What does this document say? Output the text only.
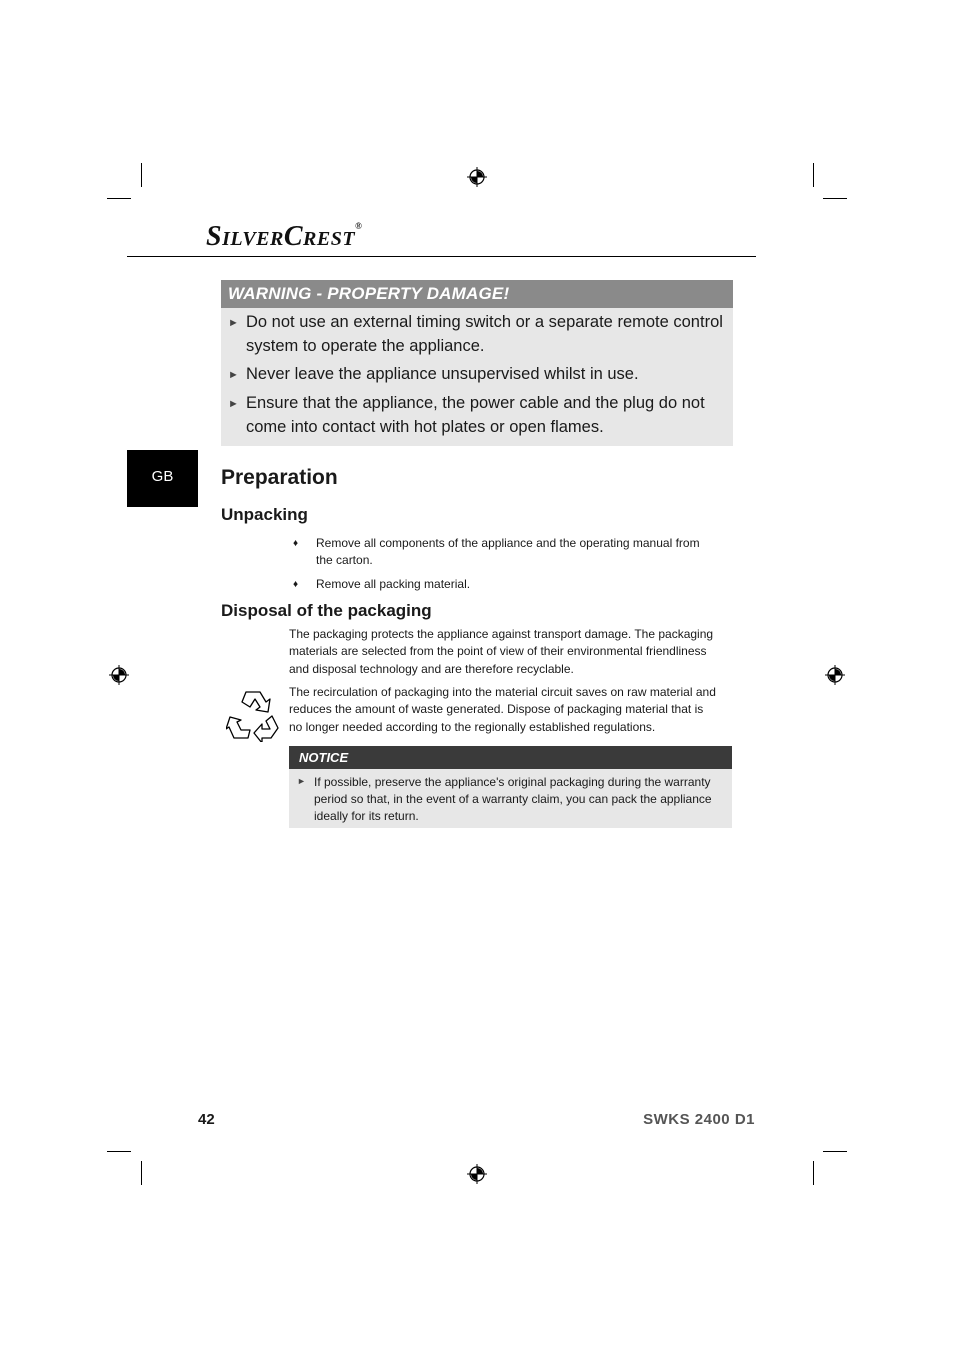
SILVERCREST®
WARNING - PROPERTY DAMAGE!
► Do not use an external timing switch or a separate remote control
system to operate the appliance.
► Never leave the appliance unsupervised whilst in use.
► Ensure that the appliance, the power cable and the plug do not
come into contact with hot plates or open flames.
GB	Preparation
Unpacking
♦ Remove all components of the appliance and the operating manual from
the carton.
♦ Remove all packing material.
Disposal of the packaging
The packaging protects the appliance against transport damage. The packaging
materials are selected from the point of view of their environmental friendliness
and disposal technology and are therefore recyclable.
The recirculation of packaging into the material circuit saves on raw material and
reduces the amount of waste generated. Dispose of packaging material that is
no longer needed according to the regionally established regulations.
NOTICE
► If possible, preserve the appliance's original packaging during the warranty
period so that, in the event of a warranty claim, you can pack the appliance
ideally for its return.
42	SWKS 2400 D1
